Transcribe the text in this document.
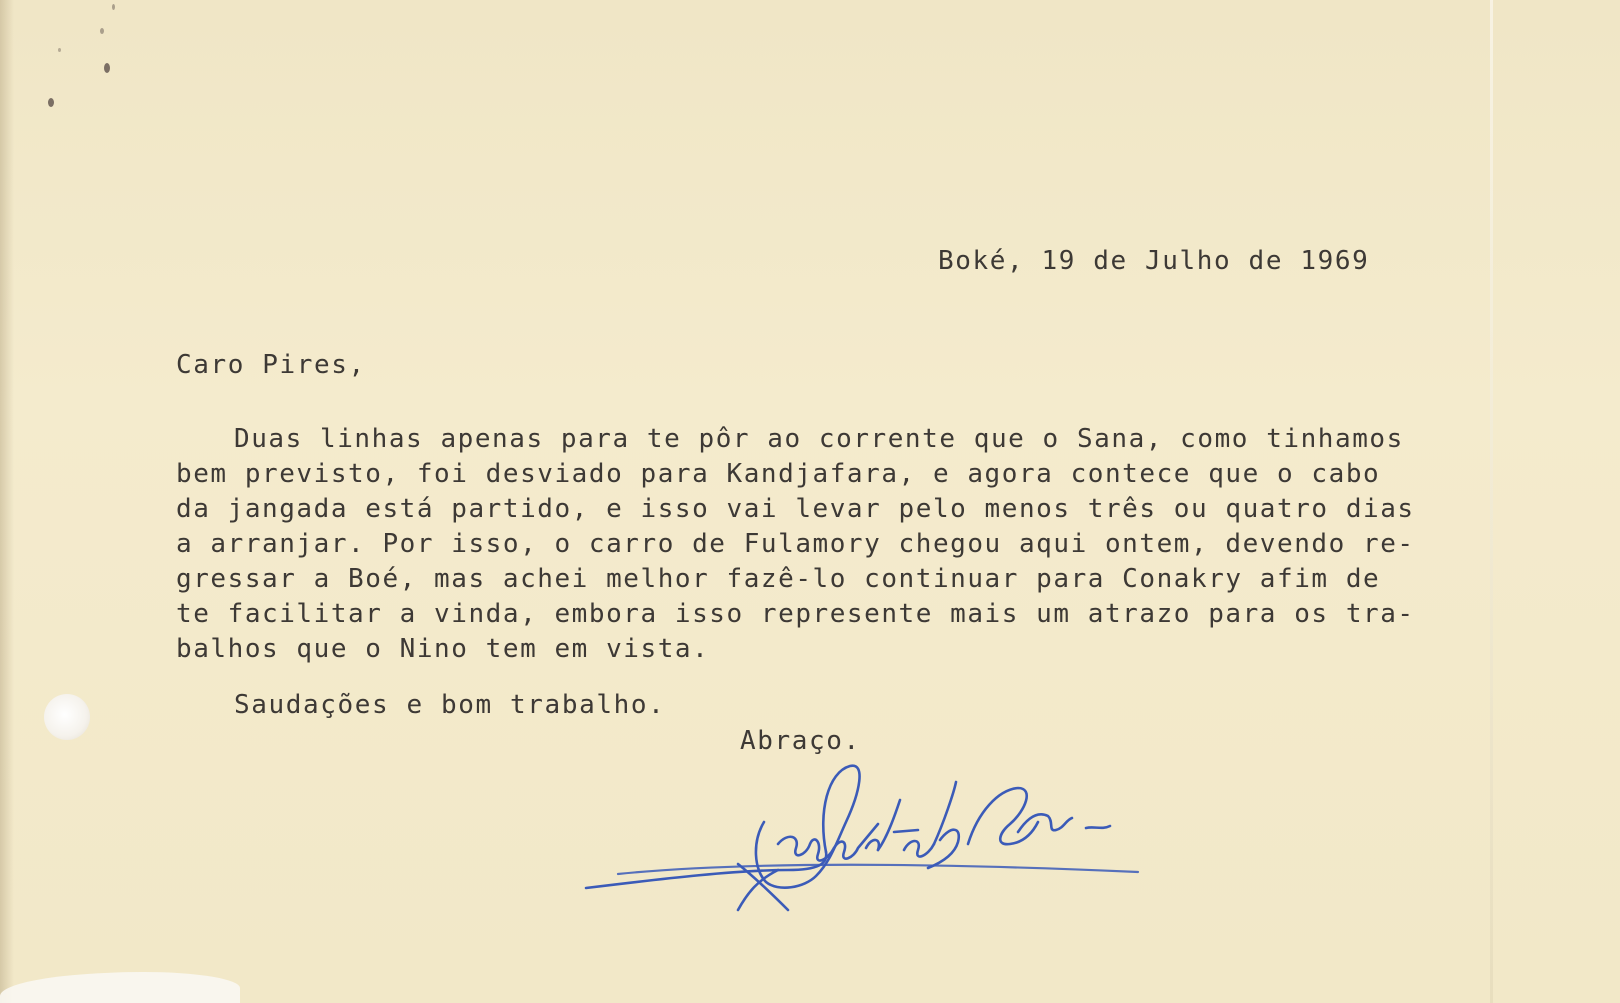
Boké, 19 de Julho de 1969
Caro Pires,
Duas linhas apenas para te pôr ao corrente que o Sana, como tinhamos
bem previsto, foi desviado para Kandjafara, e agora contece que o cabo
da jangada está partido, e isso vai levar pelo menos três ou quatro dias
a arranjar. Por isso, o carro de Fulamory chegou aqui ontem, devendo re-
gressar a Boé, mas achei melhor fazê-lo continuar para Conakry afim de
te facilitar a vinda, embora isso represente mais um atrazo para os tra-
balhos que o Nino tem em vista.
Saudações e bom trabalho.
Abraço.
